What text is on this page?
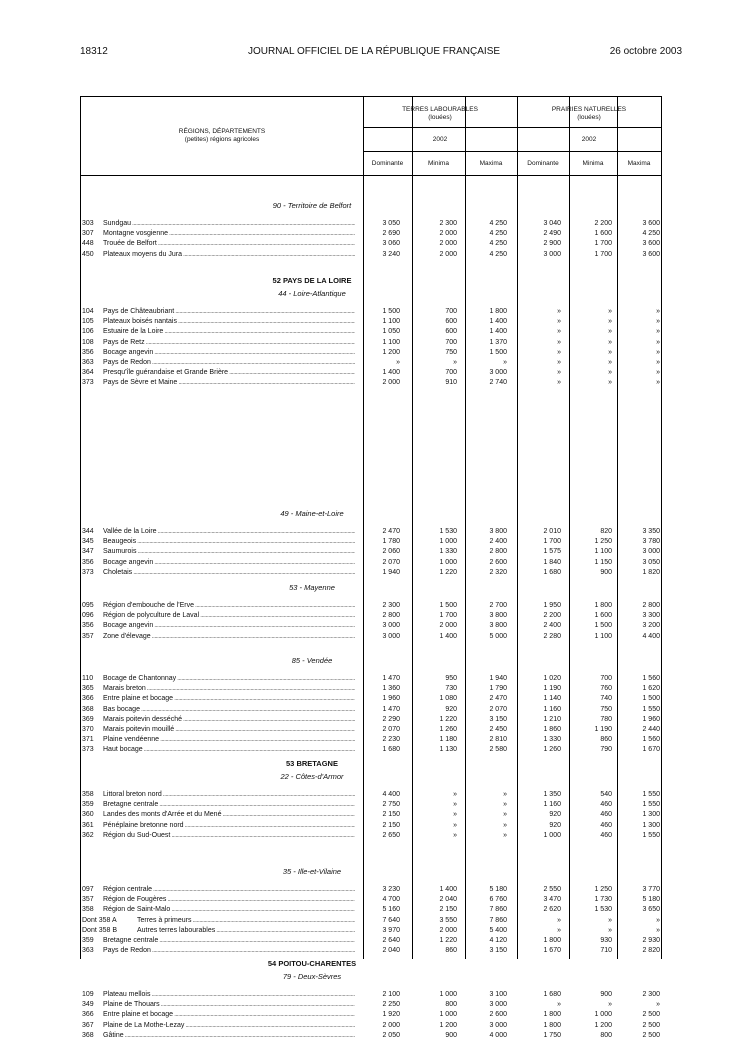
18312	JOURNAL OFFICIEL DE LA RÉPUBLIQUE FRANÇAISE	26 octobre 2003
RÉGIONS, DÉPARTEMENTS
(petites) régions agricoles
TERRES LABOURABLES
(louées)
PRAIRIES NATURELLES
(louées)
2002	2002
Dominante	Minima	Maxima	Dominante	Minima	Maxima
90 - Territoire de Belfort
303	Sundgau .....	3 050	2 300	4 250	3 040	2 200	3 600
307	Montagne vosgienne .....	2 690	2 000	4 250	2 490	1 600	4 250
448	Trouée de Belfort .....	3 060	2 000	4 250	2 900	1 700	3 600
450	Plateaux moyens du Jura .....	3 240	2 000	4 250	3 000	1 700	3 600
52 PAYS DE LA LOIRE
44 - Loire-Atlantique
104	Pays de Châteaubriant .....	1 500	700	1 800	»	»	»
105	Plateaux boisés nantais .....	1 100	600	1 400	»	»	»
106	Estuaire de la Loire .....	1 050	600	1 400	»	»	»
108	Pays de Retz .....	1 100	700	1 370	»	»	»
356	Bocage angevin .....	1 200	750	1 500	»	»	»
363	Pays de Redon .....	»	»	»	»	»	»
364	Presqu'île guérandaise et Grande Brière .....	1 400	700	3 000	»	»	»
373	Pays de Sèvre et Maine .....	2 000	910	2 740	»	»	»
49 - Maine-et-Loire
344	Vallée de la Loire .....	2 470	1 530	3 800	2 010	820	3 350
345	Beaugeois .....	1 780	1 000	2 400	1 700	1 250	3 780
347	Saumurois .....	2 060	1 330	2 800	1 575	1 100	3 000
356	Bocage angevin .....	2 070	1 000	2 600	1 840	1 150	3 050
373	Choletais .....	1 940	1 220	2 320	1 680	900	1 820
53 - Mayenne
095	Région d'embouche de l'Erve .....	2 300	1 500	2 700	1 950	1 800	2 800
096	Région de polyculture de Laval .....	2 800	1 700	3 800	2 200	1 600	3 300
356	Bocage angevin .....	3 000	2 000	3 800	2 400	1 500	3 200
357	Zone d'élevage .....	3 000	1 400	5 000	2 280	1 100	4 400
85 - Vendée
110	Bocage de Chantonnay .....	1 470	950	1 940	1 020	700	1 560
365	Marais breton .....	1 360	730	1 790	1 190	760	1 620
366	Entre plaine et bocage .....	1 960	1 080	2 470	1 140	740	1 500
368	Bas bocage .....	1 470	920	2 070	1 160	750	1 550
369	Marais poitevin desséché .....	2 290	1 220	3 150	1 210	780	1 960
370	Marais poitevin mouillé .....	2 070	1 260	2 450	1 860	1 190	2 440
371	Plaine vendéenne .....	2 230	1 180	2 810	1 330	860	1 560
373	Haut bocage .....	1 680	1 130	2 580	1 260	790	1 670
53 BRETAGNE
22 - Côtes-d'Armor
358	Littoral breton nord .....	4 400	»	»	1 350	540	1 550
359	Bretagne centrale .....	2 750	»	»	1 160	460	1 550
360	Landes des monts d'Arrée et du Mené .....	2 150	»	»	920	460	1 300
361	Pénéplaine bretonne nord .....	2 150	»	»	920	460	1 300
362	Région du Sud-Ouest .....	2 650	»	»	1 000	460	1 550
35 - Ille-et-Vilaine
097	Région centrale .....	3 230	1 400	5 180	2 550	1 250	3 770
357	Région de Fougères .....	4 700	2 040	6 760	3 470	1 730	5 180
358	Région de Saint-Malo .....	5 160	2 150	7 860	2 620	1 530	3 650
Dont 358 A	Terres à primeurs .....	7 640	3 550	7 860	»	»	»
Dont 358 B	Autres terres labourables .....	3 970	2 000	5 400	»	»	»
359	Bretagne centrale .....	2 640	1 220	4 120	1 800	930	2 930
363	Pays de Redon .....	2 040	860	3 150	1 670	710	2 820
54 POITOU-CHARENTES
79 - Deux-Sèvres
109	Plateau mellois .....	2 100	1 000	3 100	1 680	900	2 300
349	Plaine de Thouars .....	2 250	800	3 000	»	»	»
366	Entre plaine et bocage .....	1 920	1 000	2 600	1 800	1 000	2 500
367	Plaine de La Mothe-Lezay .....	2 000	1 200	3 000	1 800	1 200	2 500
368	Gâtine .....	2 050	900	4 000	1 750	800	2 500
